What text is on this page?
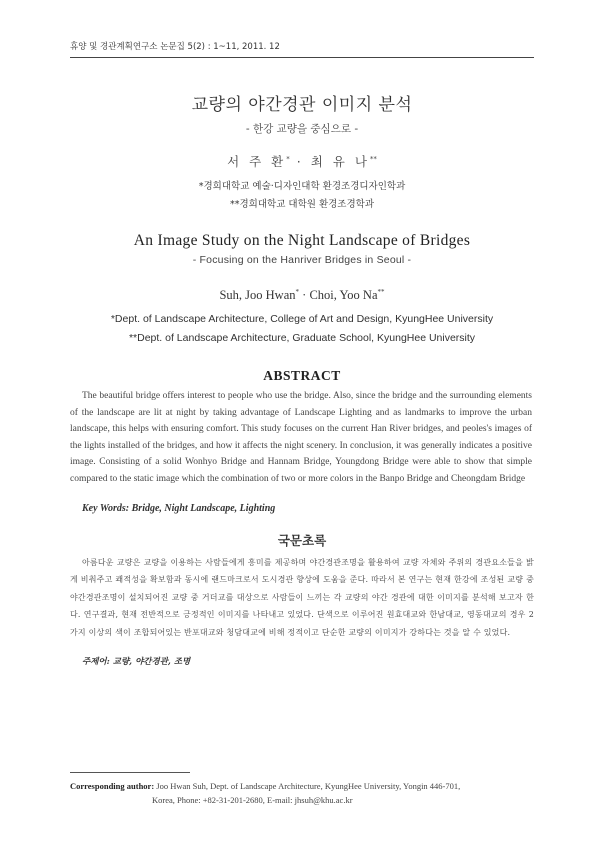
휴양 및 경관계획연구소 논문집 5(2) : 1~11, 2011. 12
교량의 야간경관 이미지 분석
- 한강 교량을 중심으로 -
서 주 환* · 최 유 나**
*경희대학교 예술·디자인대학 환경조경디자인학과
**경희대학교 대학원 환경조경학과
An Image Study on the Night Landscape of Bridges
- Focusing on the Hanriver Bridges in Seoul -
Suh, Joo Hwan* · Choi, Yoo Na**
*Dept. of Landscape Architecture, College of Art and Design, KyungHee University
**Dept. of Landscape Architecture, Graduate School, KyungHee University
ABSTRACT

The beautiful bridge offers interest to people who use the bridge. Also, since the bridge and the surrounding elements of the landscape are lit at night by taking advantage of Landscape Lighting and as landmarks to improve the urban landscape, this helps with ensuring comfort. This study focuses on the current Han River bridges, and peoles's images of the lights installed of the bridges, and how it affects the night scenery. In conclusion, it was generally indicates a positive image. Consisting of a solid Wonhyo Bridge and Hannam Bridge, Youngdong Bridge were able to show that simple compared to the static image which the combination of two or more colors in the Banpo Bridge and Cheongdam Bridge

Key Words: Bridge, Night Landscape, Lighting
국문초록

아름다운 교량은 교량을 이용하는 사람들에게 흥미를 제공하며 야간경관조명을 활용하여 교량 자체와 주위의 경관요소들을 밝게 비춰주고 쾌적성을 확보함과 동시에 랜드마크로서 도시경관 향상에 도움을 준다. 따라서 본 연구는 현재 한강에 조성된 교량 중 야간경관조명이 설치되어진 교량 중 거더교를 대상으로 사람들이 느끼는 각 교량의 야간 경관에 대한 이미지를 분석해 보고자 한다. 연구결과, 현재 전반적으로 긍정적인 이미지를 나타내고 있었다. 단색으로 이루어진 원효대교와 한남대교, 영동대교의 경우 2가지 이상의 색이 조합되어있는 반포대교와 청담대교에 비해 정적이고 단순한 교량의 이미지가 강하다는 것을 알 수 있었다.

주제어: 교량, 야간경관, 조명
Corresponding author: Joo Hwan Suh, Dept. of Landscape Architecture, KyungHee University, Yongin 446-701,
Korea, Phone: +82-31-201-2680, E-mail: jhsuh@khu.ac.kr
